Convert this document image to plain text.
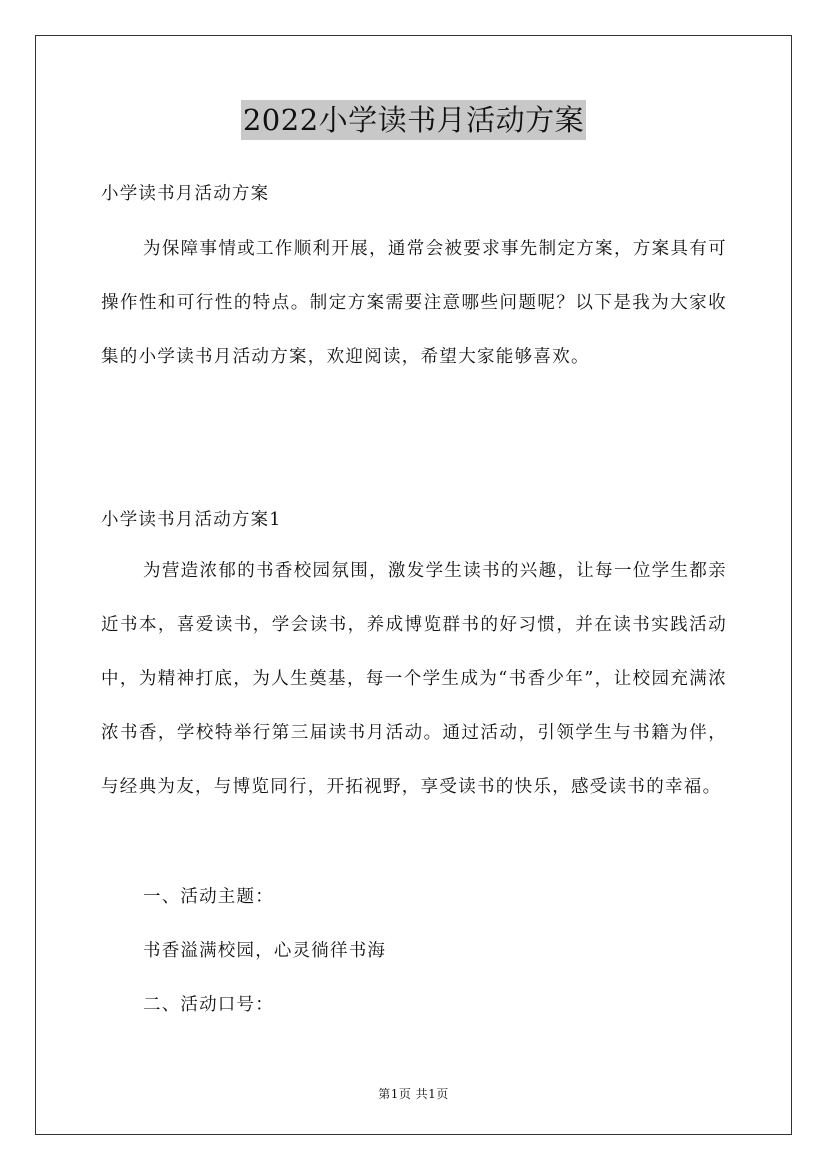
2022小学读书月活动方案
小学读书月活动方案
为保障事情或工作顺利开展，通常会被要求事先制定方案，方案具有可操作性和可行性的特点。制定方案需要注意哪些问题呢？以下是我为大家收集的小学读书月活动方案，欢迎阅读，希望大家能够喜欢。
小学读书月活动方案1
为营造浓郁的书香校园氛围，激发学生读书的兴趣，让每一位学生都亲近书本，喜爱读书，学会读书，养成博览群书的好习惯，并在读书实践活动中，为精神打底，为人生奠基，每一个学生成为“书香少年”，让校园充满浓浓书香，学校特举行第三届读书月活动。通过活动，引领学生与书籍为伴，与经典为友，与博览同行，开拓视野，享受读书的快乐，感受读书的幸福。
一、活动主题：
书香溢满校园，心灵徜徉书海
二、活动口号：
第1页 共1页
